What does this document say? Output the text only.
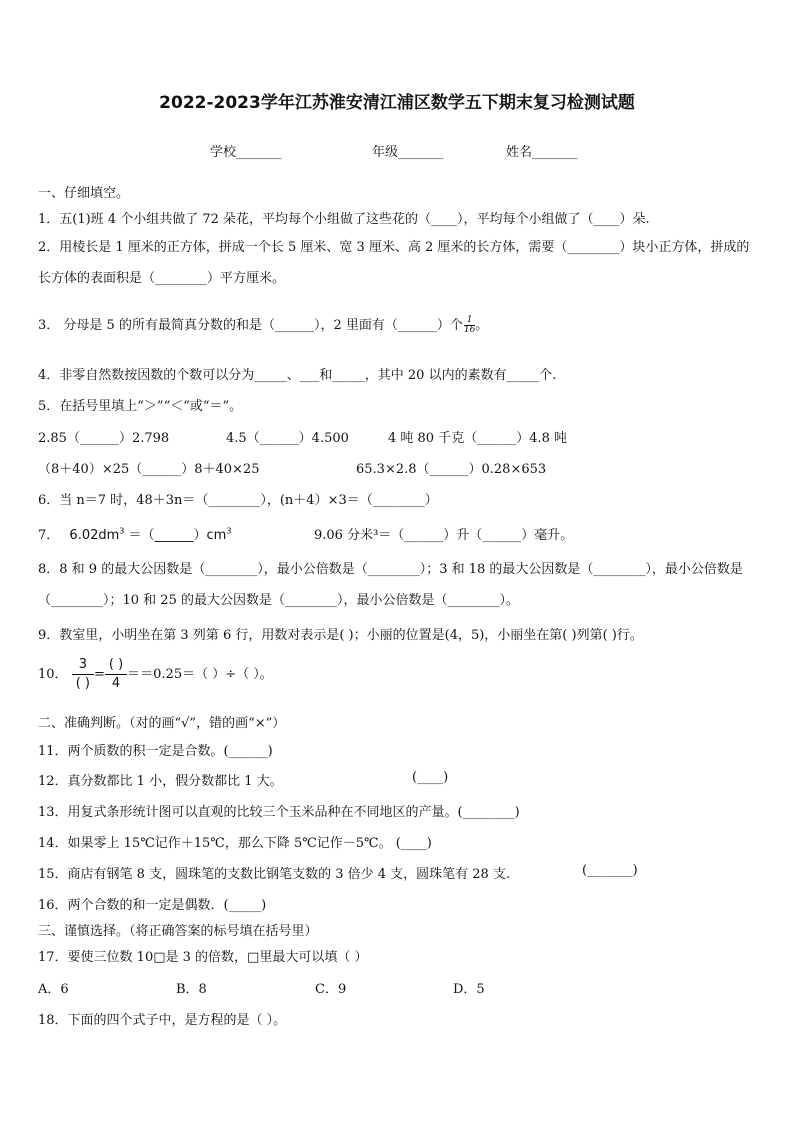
2022-2023学年江苏淮安清江浦区数学五下期末复习检测试题
学校_______	年级_______	姓名_______
一、仔细填空。
1．五(1)班 4 个小组共做了 72 朵花，平均每个小组做了这些花的（____），平均每个小组做了（____）朵.
2．用棱长是 1 厘米的正方体，拼成一个长 5 厘米、宽 3 厘米、高 2 厘米的长方体，需要（________）块小正方体，拼成的长方体的表面积是（________）平方厘米。
3． 分母是 5 的所有最简真分数的和是（______），2 里面有（______）个 $\frac{1}{16}$ 。
4．非零自然数按因数的个数可以分为_____、___和_____，其中 20 以内的素数有_____个.
5．在括号里填上“＞”“＜”或“＝”。
2.85（______）2.798	4.5（______）4.500	4 吨 80 千克（______）4.8 吨
（8＋40）×25（______）8＋40×25	65.3×2.8（______）0.28×653
6．当 n＝7 时，48＋3n＝（________），(n＋4）×3＝（________）
7． $6.02dm^3$ $=(\_\_\_\_\_\_)cm^3$	9.06 分米³＝（______）升（______）毫升。
8．8 和 9 的最大公因数是（________），最小公倍数是（________）；3 和 18 的最大公因数是（________），最小公倍数是（________）；10 和 25 的最大公因数是（________），最小公倍数是（________）。
9．教室里，小明坐在第 3 列第 6 行，用数对表示是( )；小丽的位置是(4，5)，小丽坐在第( )列第( )行。
10． $\frac{3}{( )} = \frac{( )}{4} ==0.25=$（ ）÷（ ）。
二、准确判断。（对的画“√”，错的画“×”）
11．两个质数的积一定是合数。(______)
12．真分数都比 1 小，假分数都比 1 大。	(____)
13．用复式条形统计图可以直观的比较三个玉米品种在不同地区的产量。(________)
14．如果零上 15℃记作＋15℃，那么下降 5℃记作－5℃。 (____)
15．商店有钢笔 8 支，圆珠笔的支数比钢笔支数的 3 倍少 4 支，圆珠笔有 28 支.	(_______)
16．两个合数的和一定是偶数．(_____)
三、谨慎选择。（将正确答案的标号填在括号里）
17．要使三位数 10□是 3 的倍数，□里最大可以填（ ）
A．6	B．8	C．9	D．5
18．下面的四个式子中，是方程的是（ ）。
